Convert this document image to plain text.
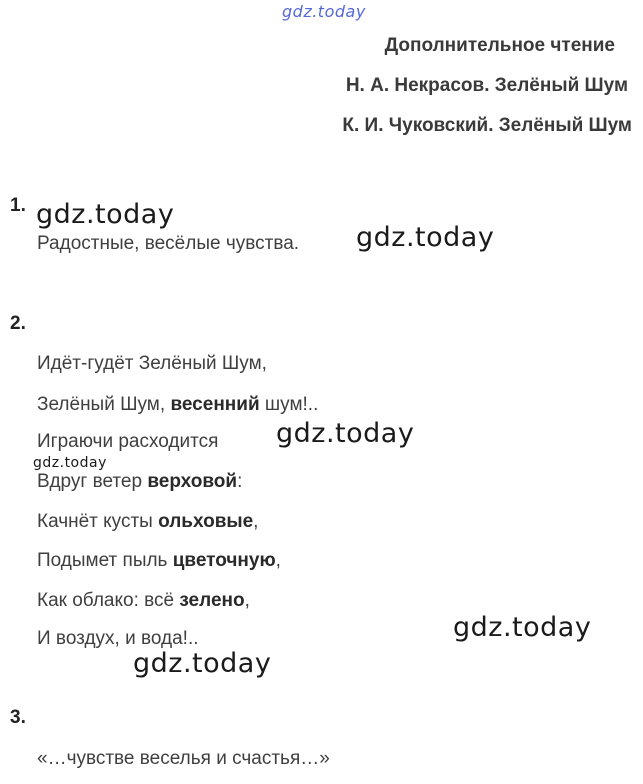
gdz.today
Дополнительное чтение
Н. А. Некрасов. Зелёный Шум
К. И. Чуковский. Зелёный Шум
1. gdz.today
Радостные, весёлые чувства. gdz.today
2.
Идёт-гудёт Зелёный Шум,
Зелёный Шум, весенний шум!..
Играючи расходится gdz.today
gdz.today
Вдруг ветер верховой:
Качнёт кусты ольховые,
Подымет пыль цветочную,
Как облако: всё зелено,
И воздух, и вода!..	gdz.today
gdz.today
3.
«…чувстве веселья и счастья…»
